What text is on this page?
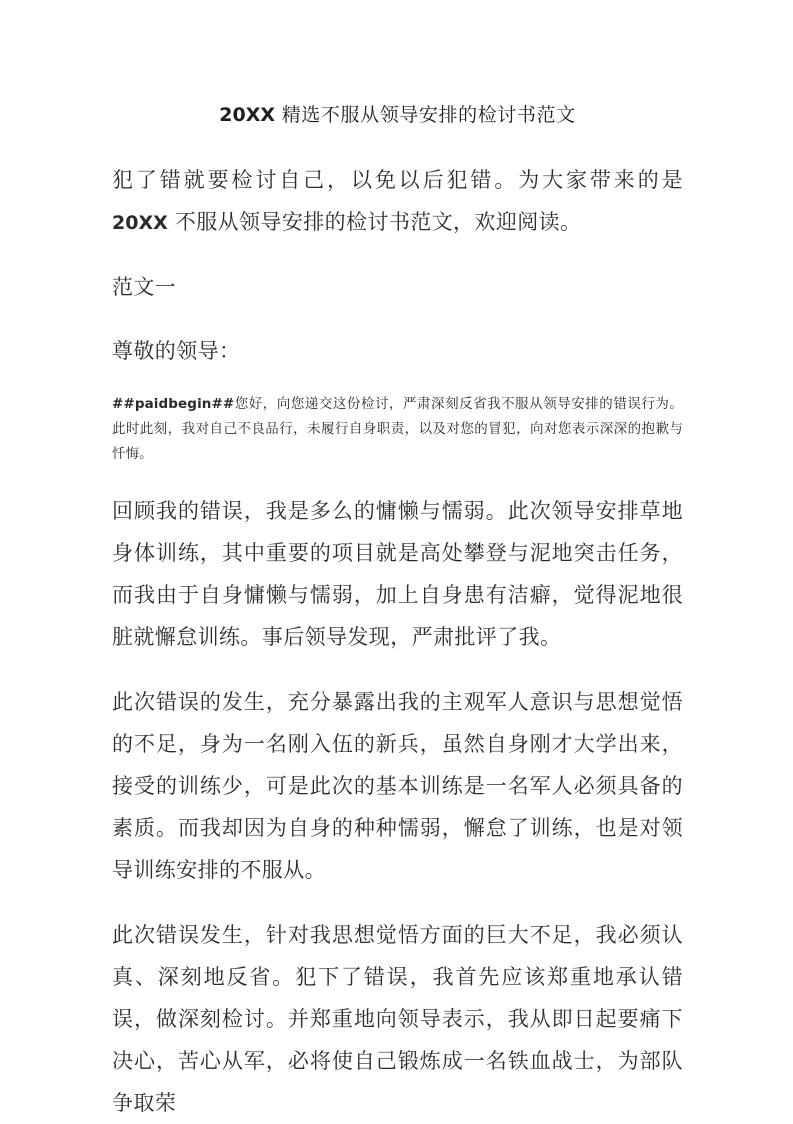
20XX 精选不服从领导安排的检讨书范文

犯了错就要检讨自己，以免以后犯错。为大家带来的是 20XX 不服从领导安排的检讨书范文，欢迎阅读。

范文一

尊敬的领导：

##paidbegin##您好，向您递交这份检讨，严肃深刻反省我不服从领导安排的错误行为。此时此刻，我对自己不良品行，未履行自身职责，以及对您的冒犯，向对您表示深深的抱歉与忏悔。

回顾我的错误，我是多么的慵懒与懦弱。此次领导安排草地身体训练，其中重要的项目就是高处攀登与泥地突击任务，而我由于自身慵懒与懦弱，加上自身患有洁癖，觉得泥地很脏就懈怠训练。事后领导发现，严肃批评了我。

此次错误的发生，充分暴露出我的主观军人意识与思想觉悟的不足，身为一名刚入伍的新兵，虽然自身刚才大学出来，接受的训练少，可是此次的基本训练是一名军人必须具备的素质。而我却因为自身的种种懦弱，懈怠了训练，也是对领导训练安排的不服从。

此次错误发生，针对我思想觉悟方面的巨大不足，我必须认真、深刻地反省。犯下了错误，我首先应该郑重地承认错误，做深刻检讨。并郑重地向领导表示，我从即日起要痛下决心，苦心从军，必将使自己锻炼成一名铁血战士，为部队争取荣
